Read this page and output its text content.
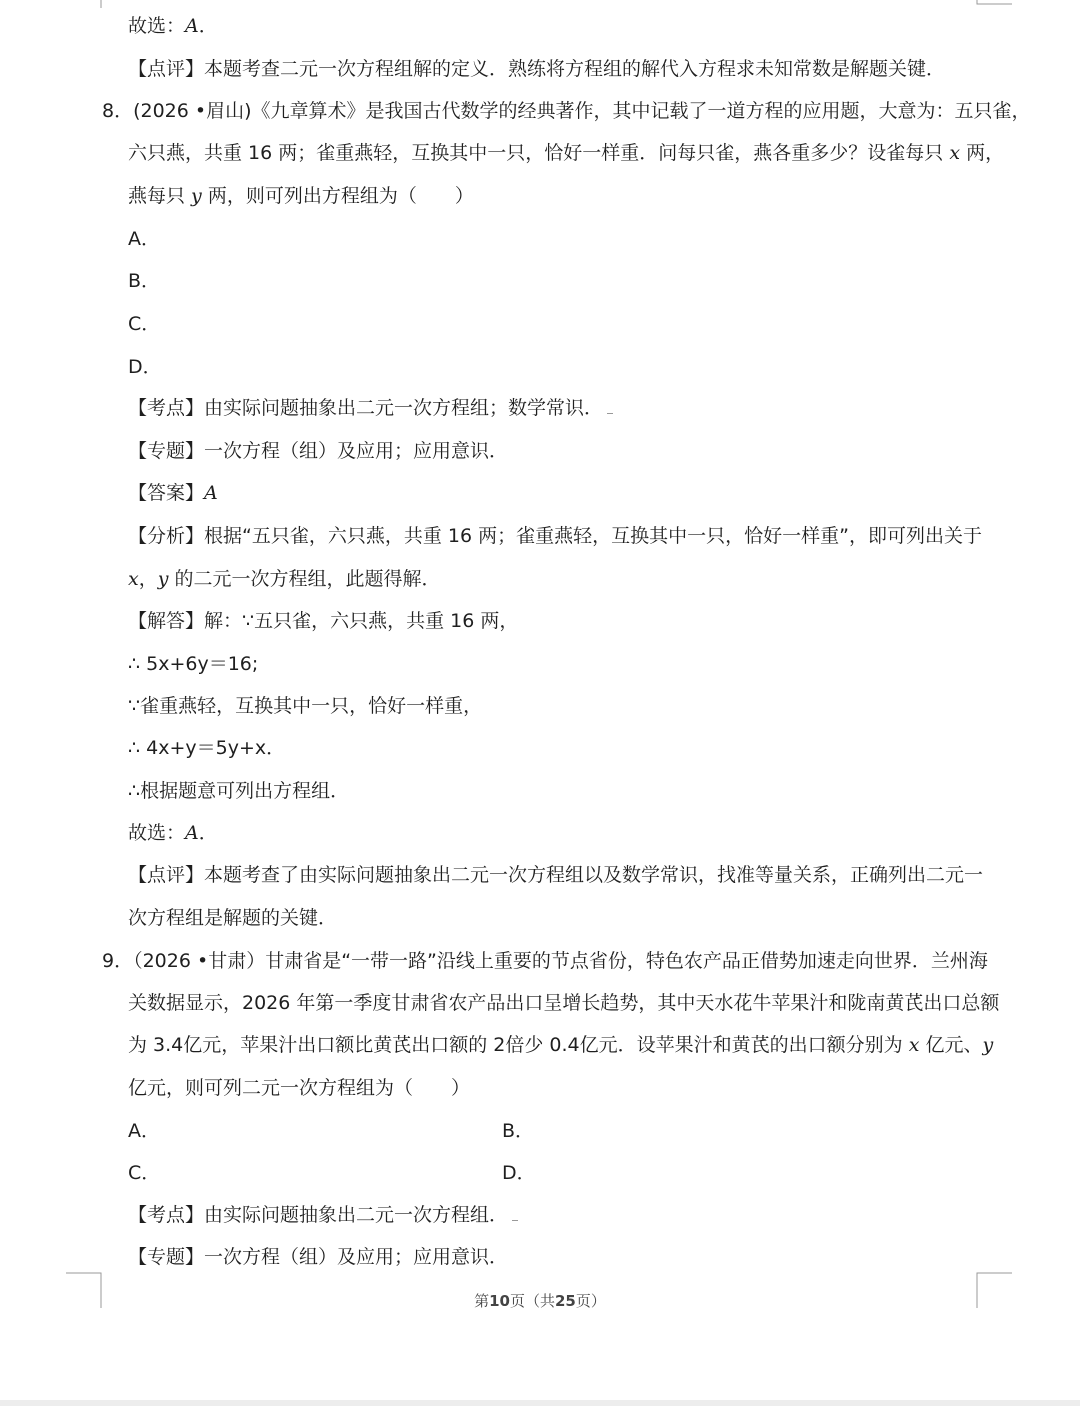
故选：A．
【点评】本题考查二元一次方程组解的定义．熟练将方程组的解代入方程求未知常数是解题关键．
8．(2026 •眉山)《九章算术》是我国古代数学的经典著作，其中记载了一道方程的应用题，大意为：五只雀，
六只燕，共重 16 两；雀重燕轻，互换其中一只，恰好一样重．问每只雀，燕各重多少？设雀每只 x 两，
燕每只 y 两，则可列出方程组为（　　）
A．
B．
C．
D．
【考点】由实际问题抽象出二元一次方程组；数学常识．
【专题】一次方程（组）及应用；应用意识．
【答案】A
【分析】根据“五只雀，六只燕，共重 16 两；雀重燕轻，互换其中一只，恰好一样重”，即可列出关于
x，y 的二元一次方程组，此题得解．
【解答】解：∵五只雀，六只燕，共重 16 两，
∴ 5x+6y＝16;
∵雀重燕轻，互换其中一只，恰好一样重，
∴ 4x+y＝5y+x．
∴根据题意可列出方程组．
故选：A．
【点评】本题考查了由实际问题抽象出二元一次方程组以及数学常识，找准等量关系，正确列出二元一
次方程组是解题的关键．
9．（2026 •甘肃）甘肃省是“一带一路”沿线上重要的节点省份，特色农产品正借势加速走向世界．兰州海
关数据显示，2026 年第一季度甘肃省农产品出口呈增长趋势，其中天水花牛苹果汁和陇南黄芪出口总额
为 3.4亿元，苹果汁出口额比黄芪出口额的 2倍少 0.4亿元．设苹果汁和黄芪的出口额分别为 x 亿元、y
亿元，则可列二元一次方程组为（　　）
A．	B．
C．	D．
【考点】由实际问题抽象出二元一次方程组．
【专题】一次方程（组）及应用；应用意识．
第10页（共25页）
